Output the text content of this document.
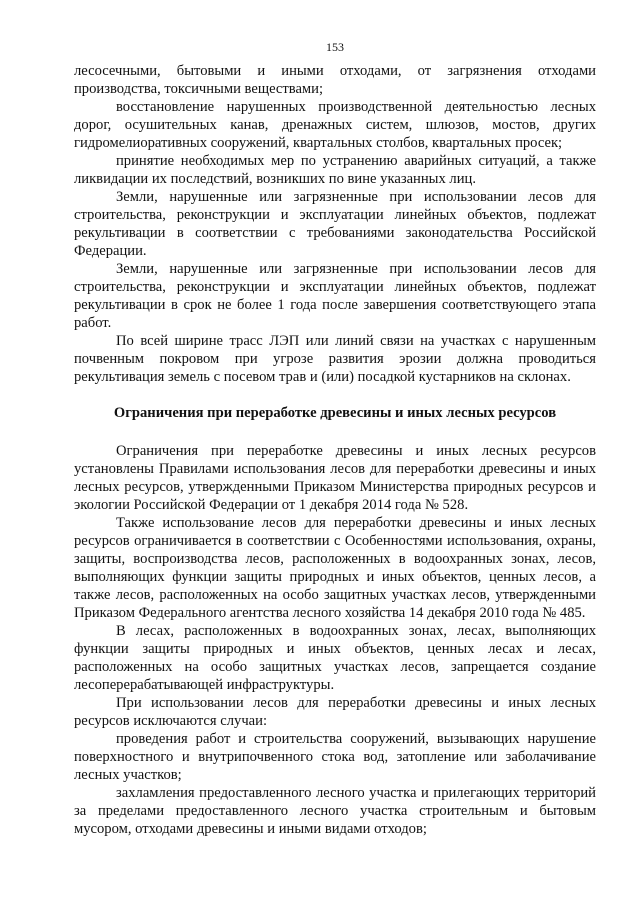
153

лесосечными, бытовыми и иными отходами, от загрязнения отходами производства, токсичными веществами;

восстановление нарушенных производственной деятельностью лесных дорог, осушительных канав, дренажных систем, шлюзов, мостов, других гидромелиоративных сооружений, квартальных столбов, квартальных просек;

принятие необходимых мер по устранению аварийных ситуаций, а также ликвидации их последствий, возникших по вине указанных лиц.

Земли, нарушенные или загрязненные при использовании лесов для строительства, реконструкции и эксплуатации линейных объектов, подлежат рекультивации в соответствии с требованиями законодательства Российской Федерации.

Земли, нарушенные или загрязненные при использовании лесов для строительства, реконструкции и эксплуатации линейных объектов, подлежат рекультивации в срок не более 1 года после завершения соответствующего этапа работ.

По всей ширине трасс ЛЭП или линий связи на участках с нарушенным почвенным покровом при угрозе развития эрозии должна проводиться рекультивация земель с посевом трав и (или) посадкой кустарников на склонах.

Ограничения при переработке древесины и иных лесных ресурсов

Ограничения при переработке древесины и иных лесных ресурсов установлены Правилами использования лесов для переработки древесины и иных лесных ресурсов, утвержденными Приказом Министерства природных ресурсов и экологии Российской Федерации от 1 декабря 2014 года № 528.

Также использование лесов для переработки древесины и иных лесных ресурсов ограничивается в соответствии с Особенностями использования, охраны, защиты, воспроизводства лесов, расположенных в водоохранных зонах, лесов, выполняющих функции защиты природных и иных объектов, ценных лесов, а также лесов, расположенных на особо защитных участках лесов, утвержденными Приказом Федерального агентства лесного хозяйства 14 декабря 2010 года № 485.

В лесах, расположенных в водоохранных зонах, лесах, выполняющих функции защиты природных и иных объектов, ценных лесах и лесах, расположенных на особо защитных участках лесов, запрещается создание лесоперерабатывающей инфраструктуры.

При использовании лесов для переработки древесины и иных лесных ресурсов исключаются случаи:

проведения работ и строительства сооружений, вызывающих нарушение поверхностного и внутрипочвенного стока вод, затопление или заболачивание лесных участков;

захламления предоставленного лесного участка и прилегающих территорий за пределами предоставленного лесного участка строительным и бытовым мусором, отходами древесины и иными видами отходов;
